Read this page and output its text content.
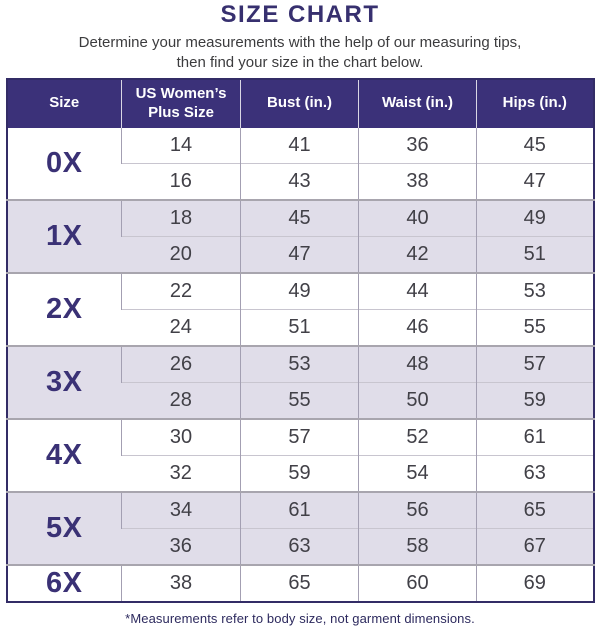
SIZE CHART

Determine your measurements with the help of our measuring tips,
then find your size in the chart below.

Size	US Women’s Plus Size	Bust (in.)	Waist (in.)	Hips (in.)
0X	14	41	36	45
	16	43	38	47
1X	18	45	40	49
	20	47	42	51
2X	22	49	44	53
	24	51	46	55
3X	26	53	48	57
	28	55	50	59
4X	30	57	52	61
	32	59	54	63
5X	34	61	56	65
	36	63	58	67
6X	38	65	60	69

*Measurements refer to body size, not garment dimensions.
